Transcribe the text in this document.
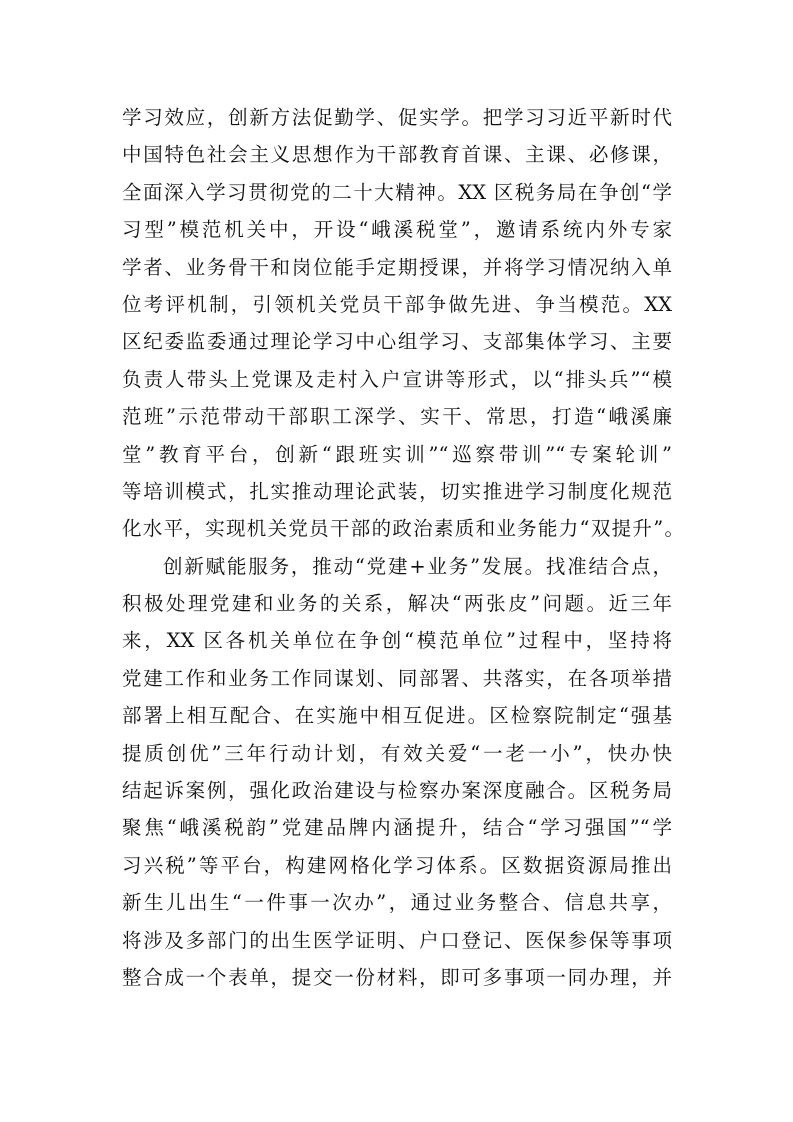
学习效应，创新方法促勤学、促实学。把学习习近平新时代
中国特色社会主义思想作为干部教育首课、主课、必修课，
全面深入学习贯彻党的二十大精神。XX 区税务局在争创“学
习型”模范机关中，开设“峨溪税堂”，邀请系统内外专家
学者、业务骨干和岗位能手定期授课，并将学习情况纳入单
位考评机制，引领机关党员干部争做先进、争当模范。XX
区纪委监委通过理论学习中心组学习、支部集体学习、主要
负责人带头上党课及走村入户宣讲等形式，以“排头兵”“模
范班”示范带动干部职工深学、实干、常思，打造“峨溪廉
堂”教育平台，创新“跟班实训”“巡察带训”“专案轮训”
等培训模式，扎实推动理论武装，切实推进学习制度化规范
化水平，实现机关党员干部的政治素质和业务能力“双提升”。
创新赋能服务，推动“党建+业务”发展。找准结合点，
积极处理党建和业务的关系，解决“两张皮”问题。近三年
来，XX 区各机关单位在争创“模范单位”过程中，坚持将
党建工作和业务工作同谋划、同部署、共落实，在各项举措
部署上相互配合、在实施中相互促进。区检察院制定“强基
提质创优”三年行动计划，有效关爱“一老一小”，快办快
结起诉案例，强化政治建设与检察办案深度融合。区税务局
聚焦“峨溪税韵”党建品牌内涵提升，结合“学习强国”“学
习兴税”等平台，构建网格化学习体系。区数据资源局推出
新生儿出生“一件事一次办”，通过业务整合、信息共享，
将涉及多部门的出生医学证明、户口登记、医保参保等事项
整合成一个表单，提交一份材料，即可多事项一同办理，并
